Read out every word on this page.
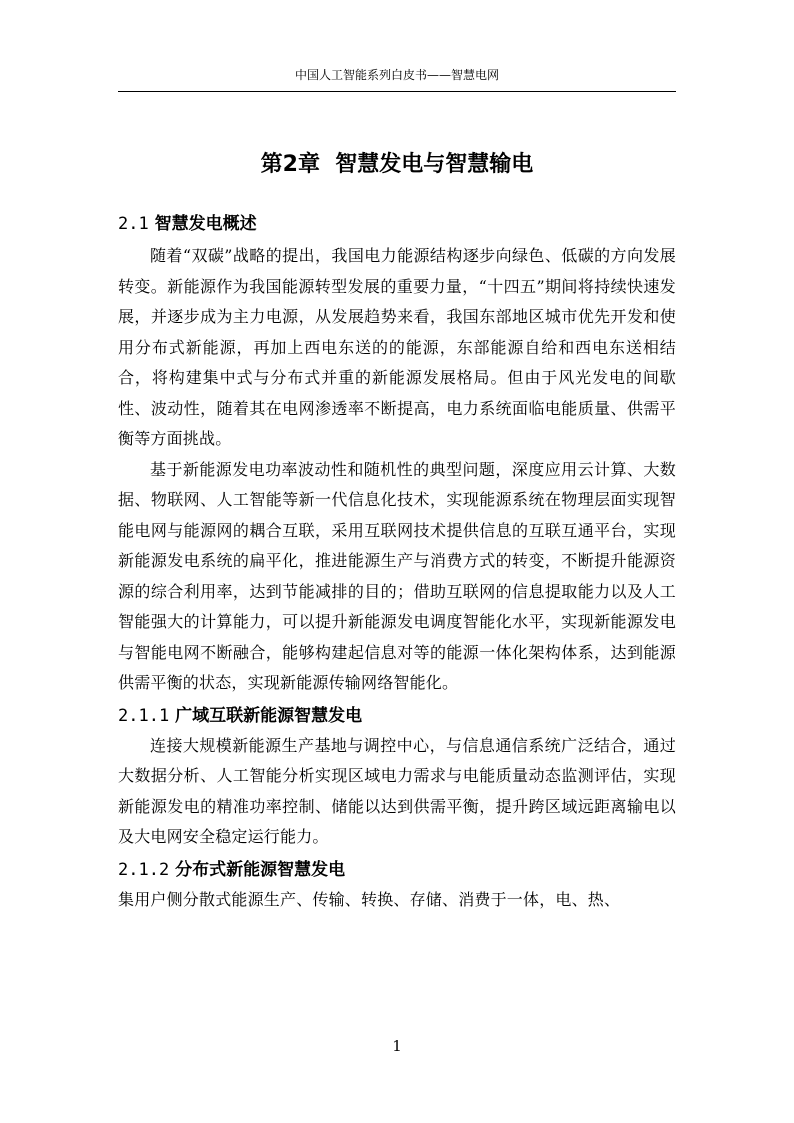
中国人工智能系列白皮书——智慧电网
第2章  智慧发电与智慧输电
2.1 智慧发电概述

随着“双碳”战略的提出，我国电力能源结构逐步向绿色、低碳的方向发展转变。新能源作为我国能源转型发展的重要力量，“十四五”期间将持续快速发展，并逐步成为主力电源，从发展趋势来看，我国东部地区城市优先开发和使用分布式新能源，再加上西电东送的的能源，东部能源自给和西电东送相结合，将构建集中式与分布式并重的新能源发展格局。但由于风光发电的间歇性、波动性，随着其在电网渗透率不断提高，电力系统面临电能质量、供需平衡等方面挑战。

基于新能源发电功率波动性和随机性的典型问题，深度应用云计算、大数据、物联网、人工智能等新一代信息化技术，实现能源系统在物理层面实现智能电网与能源网的耦合互联，采用互联网技术提供信息的互联互通平台，实现新能源发电系统的扁平化，推进能源生产与消费方式的转变，不断提升能源资源的综合利用率，达到节能减排的目的；借助互联网的信息提取能力以及人工智能强大的计算能力，可以提升新能源发电调度智能化水平，实现新能源发电与智能电网不断融合，能够构建起信息对等的能源一体化架构体系，达到能源供需平衡的状态，实现新能源传输网络智能化。

2.1.1 广域互联新能源智慧发电

连接大规模新能源生产基地与调控中心，与信息通信系统广泛结合，通过大数据分析、人工智能分析实现区域电力需求与电能质量动态监测评估，实现新能源发电的精准功率控制、储能以达到供需平衡，提升跨区域远距离输电以及大电网安全稳定运行能力。

2.1.2 分布式新能源智慧发电

集用户侧分散式能源生产、传输、转换、存储、消费于一体，电、热、

1
